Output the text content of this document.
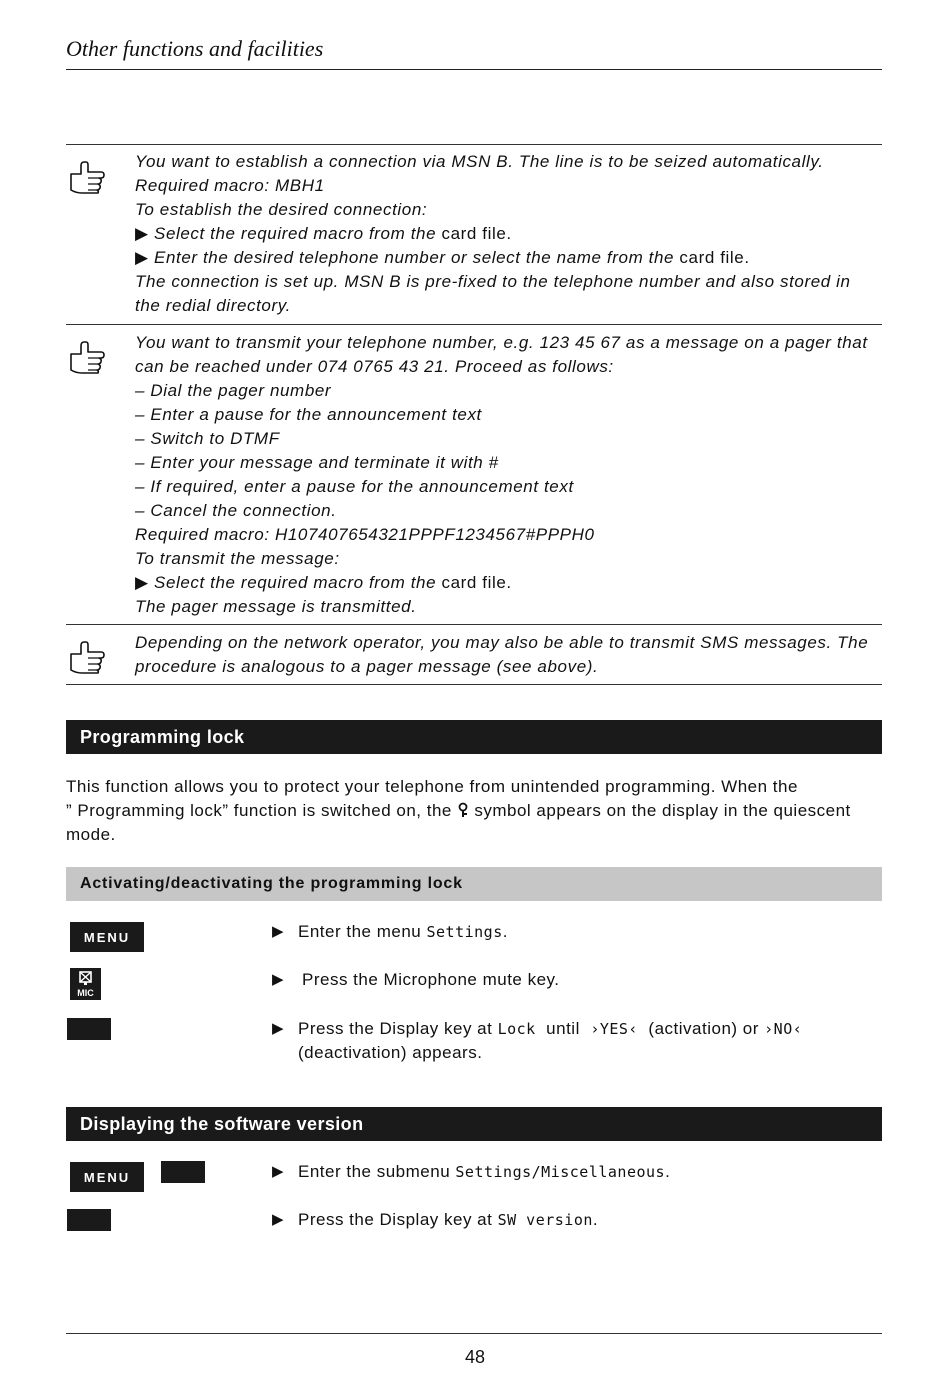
Other functions and facilities
You want to establish a connection via MSN B. The line is to be seized automatically.
Required macro: MBH1
To establish the desired connection:
▶ Select the required macro from the card file.
▶ Enter the desired telephone number or select the name from the card file.
The connection is set up. MSN B is pre-fixed to the telephone number and also stored in
the redial directory.
You want to transmit your telephone number, e.g. 123 45 67 as a message on a pager that
can be reached under 074 0765 43 21. Proceed as follows:
– Dial the pager number
– Enter a pause for the announcement text
– Switch to DTMF
– Enter your message and terminate it with #
– If required, enter a pause for the announcement text
– Cancel the connection.
Required macro: H107407654321PPPF1234567#PPPH0
To transmit the message:
▶ Select the required macro from the card file.
The pager message is transmitted.
Depending on the network operator, you may also be able to transmit SMS messages. The
procedure is analogous to a pager message (see above).
Programming lock
This function allows you to protect your telephone from unintended programming. When the
” Programming lock” function is switched on, the symbol appears on the display in the quiescent
mode.
Activating/deactivating the programming lock
MENU
MIC
▶ Enter the menu Settings.
▶ Press the Microphone mute key.
▶ Press the Display key at Lock until ›YES‹ (activation) or ›NO‹
(deactivation) appears.
Displaying the software version
MENU	▶ Enter the submenu Settings/Miscellaneous.
▶ Press the Display key at SW version.
48
